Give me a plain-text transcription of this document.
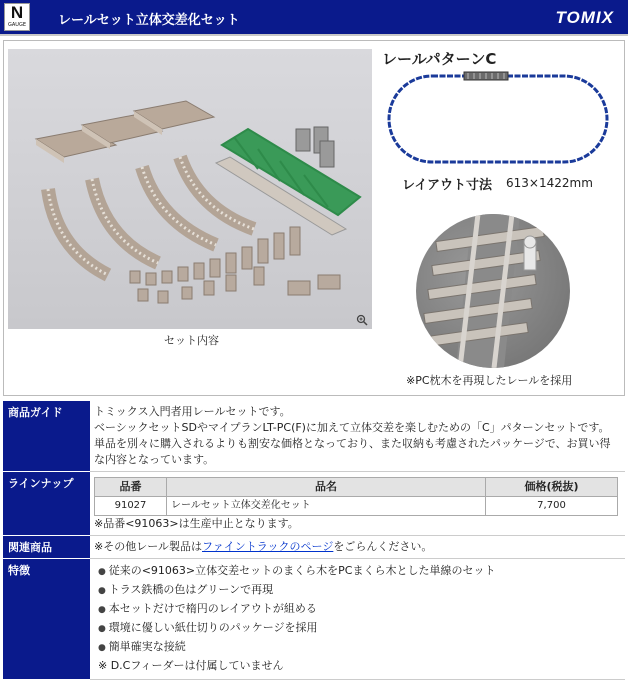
N
GAUGE レールセット立体交差化セット	TOMIX
セット内容
レールパターンC
レイアウト寸法 613×1422mm
※PC枕木を再現したレールを採用
商品ガイド	トミックス入門者用レールセットです。
ベーシックセットSDやマイプランLT-PC(F)に加えて立体交差を楽しむための「C」パターンセットです。
単品を別々に購入されるよりも割安な価格となっており、また収納も考慮されたパッケージで、お買い得な内容となっています。

ラインナップ		品番	品名	価格(税抜)
91027	レールセット立体交差化セット	7,700
※品番<91063>は生産中止となります。

関連商品	※その他レール製品はファイントラックのページをごらんください。
特徴	
●従来の<91063>立体交差セットのまくら木をPCまくら木とした単線のセット
● トラス鉄橋の色はグリーンで再現
● 本セットだけで楕円のレイアウトが組める
● 環境に優しい紙仕切りのパッケージを採用
● 簡単確実な接続
※ D.Cフィーダーは付属していません
